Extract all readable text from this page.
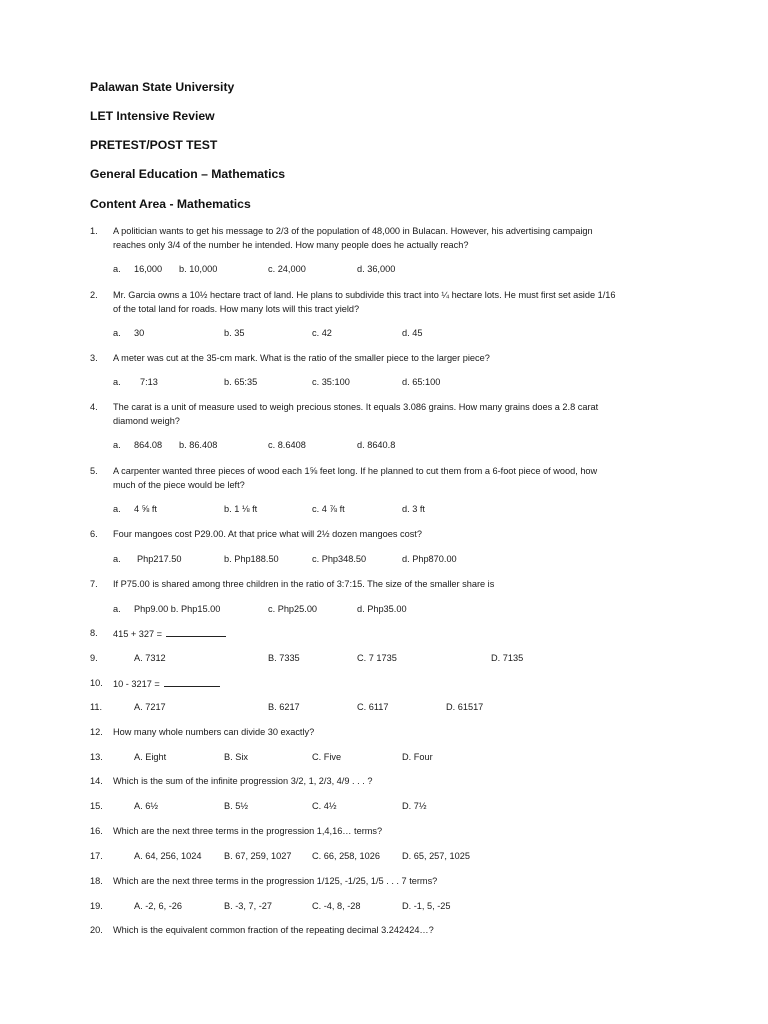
Palawan State University
LET Intensive Review
PRETEST/POST TEST
General Education – Mathematics
Content Area - Mathematics
1. A politician wants to get his message to 2/3 of the population of 48,000 in Bulacan. However, his advertising campaign
reaches only 3/4 of the number he intended. How many people does he actually reach?
a. 16,000 b. 10,000	c. 24,000	d. 36,000
2. Mr. Garcia owns a 10½ hectare tract of land. He plans to subdivide this tract into ¼ hectare lots. He must first set aside 1/16
of the total land for roads. How many lots will this tract yield?
a. 30	b. 35	c. 42	d. 45
3. A meter was cut at the 35-cm mark. What is the ratio of the smaller piece to the larger piece?
a. 7:13	b. 65:35	c. 35:100	d. 65:100
4. The carat is a unit of measure used to weigh precious stones. It equals 3.086 grains. How many grains does a 2.8 carat
diamond weigh?
a. 864.08 b. 86.408	c. 8.6408	d. 8640.8
5. A carpenter wanted three pieces of wood each 1⅝ feet long. If he planned to cut them from a 6-foot piece of wood, how
much of the piece would be left?
a. 4 ⅝ ft	b. 1 ⅛ ft	c. 4 ⅞ ft	d. 3 ft
6. Four mangoes cost P29.00. At that price what will 2½ dozen mangoes cost?
a. Php217.50	b. Php188.50	c. Php348.50	d. Php870.00
7. If P75.00 is shared among three children in the ratio of 3:7:15. The size of the smaller share is
a. Php9.00 b. Php15.00	c. Php25.00	d. Php35.00
8. 415 + 327 =
9.	A. 7312	B. 7335	C. 7 1735	D. 7135
10. 10 - 3217 =
11.	A. 7217	B. 6217	C. 6117	D. 61517
12. How many whole numbers can divide 30 exactly?
13.	A. Eight	B. Six	C. Five	D. Four
14. Which is the sum of the infinite progression 3/2, 1, 2/3, 4/9 . . . ?
15.	A. 6½	B. 5½	C. 4½	D. 7½
16. Which are the next three terms in the progression 1,4,16… terms?
17.	A. 64, 256, 1024 B. 67, 259, 1027 C. 66, 258, 1026 D. 65, 257, 1025
18. Which are the next three terms in the progression 1/125, -1/25, 1/5 . . . 7 terms?
19.	A. -2, 6, -26	B. -3, 7, -27	C. -4, 8, -28	D. -1, 5, -25
20. Which is the equivalent common fraction of the repeating decimal 3.242424…?
